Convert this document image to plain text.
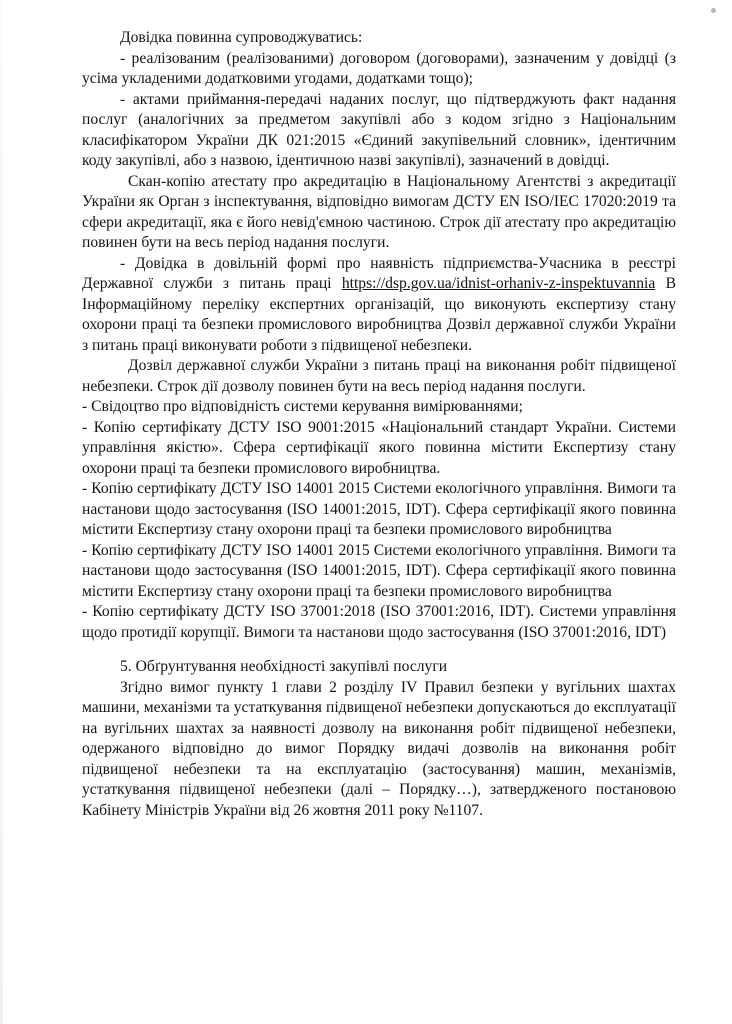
Довідка повинна супроводжуватись:

- реалізованим (реалізованими) договором (договорами), зазначеним у довідці (з усіма укладеними додатковими угодами, додатками тощо);

- актами приймання-передачі наданих послуг, що підтверджують факт надання послуг (аналогічних за предметом закупівлі або з кодом згідно з Національним класифікатором України ДК 021:2015 «Єдиний закупівельний словник», ідентичним коду закупівлі, або з назвою, ідентичною назві закупівлі), зазначений в довідці.

Скан-копію атестату про акредитацію в Національному Агентстві з акредитації України як Орган з інспектування, відповідно вимогам ДСТУ EN ISO/IEC 17020:2019 та сфери акредитації, яка є його невід'ємною частиною. Строк дії атестату про акредитацію повинен бути на весь період надання послуги.

- Довідка в довільній формі про наявність підприємства-Учасника в реєстрі Державної служби з питань праці https://dsp.gov.ua/idnist-orhaniv-z-inspektuvannia В Інформаційному переліку експертних організацій, що виконують експертизу стану охорони праці та безпеки промислового виробництва Дозвіл державної служби України з питань праці виконувати роботи з підвищеної небезпеки.

Дозвіл державної служби України з питань праці на виконання робіт підвищеної небезпеки. Строк дії дозволу повинен бути на весь період надання послуги.

- Свідоцтво про відповідність системи керування вимірюваннями;

- Копію сертифікату ДСТУ ISO 9001:2015 «Національний стандарт України. Системи управління якістю». Сфера сертифікації якого повинна містити Експертизу стану охорони праці та безпеки промислового виробництва.

- Копію сертифікату ДСТУ ISO 14001 2015 Системи екологічного управління. Вимоги та настанови щодо застосування (ISO 14001:2015, IDT). Сфера сертифікації якого повинна містити Експертизу стану охорони праці та безпеки промислового виробництва

- Копію сертифікату ДСТУ ISO 14001 2015 Системи екологічного управління. Вимоги та настанови щодо застосування (ISO 14001:2015, IDT). Сфера сертифікації якого повинна містити Експертизу стану охорони праці та безпеки промислового виробництва

- Копію сертифікату ДСТУ ISO 37001:2018 (ISO 37001:2016, IDT). Системи управління щодо протидії корупції. Вимоги та настанови щодо застосування (ISO 37001:2016, IDT)

5. Обґрунтування необхідності закупівлі послуги

Згідно вимог пункту 1 глави 2 розділу IV Правил безпеки у вугільних шахтах машини, механізми та устаткування підвищеної небезпеки допускаються до експлуатації на вугільних шахтах за наявності дозволу на виконання робіт підвищеної небезпеки, одержаного відповідно до вимог Порядку видачі дозволів на виконання робіт підвищеної небезпеки та на експлуатацію (застосування) машин, механізмів, устаткування підвищеної небезпеки (далі – Порядку…), затвердженого постановою Кабінету Міністрів України від 26 жовтня 2011 року №1107.
